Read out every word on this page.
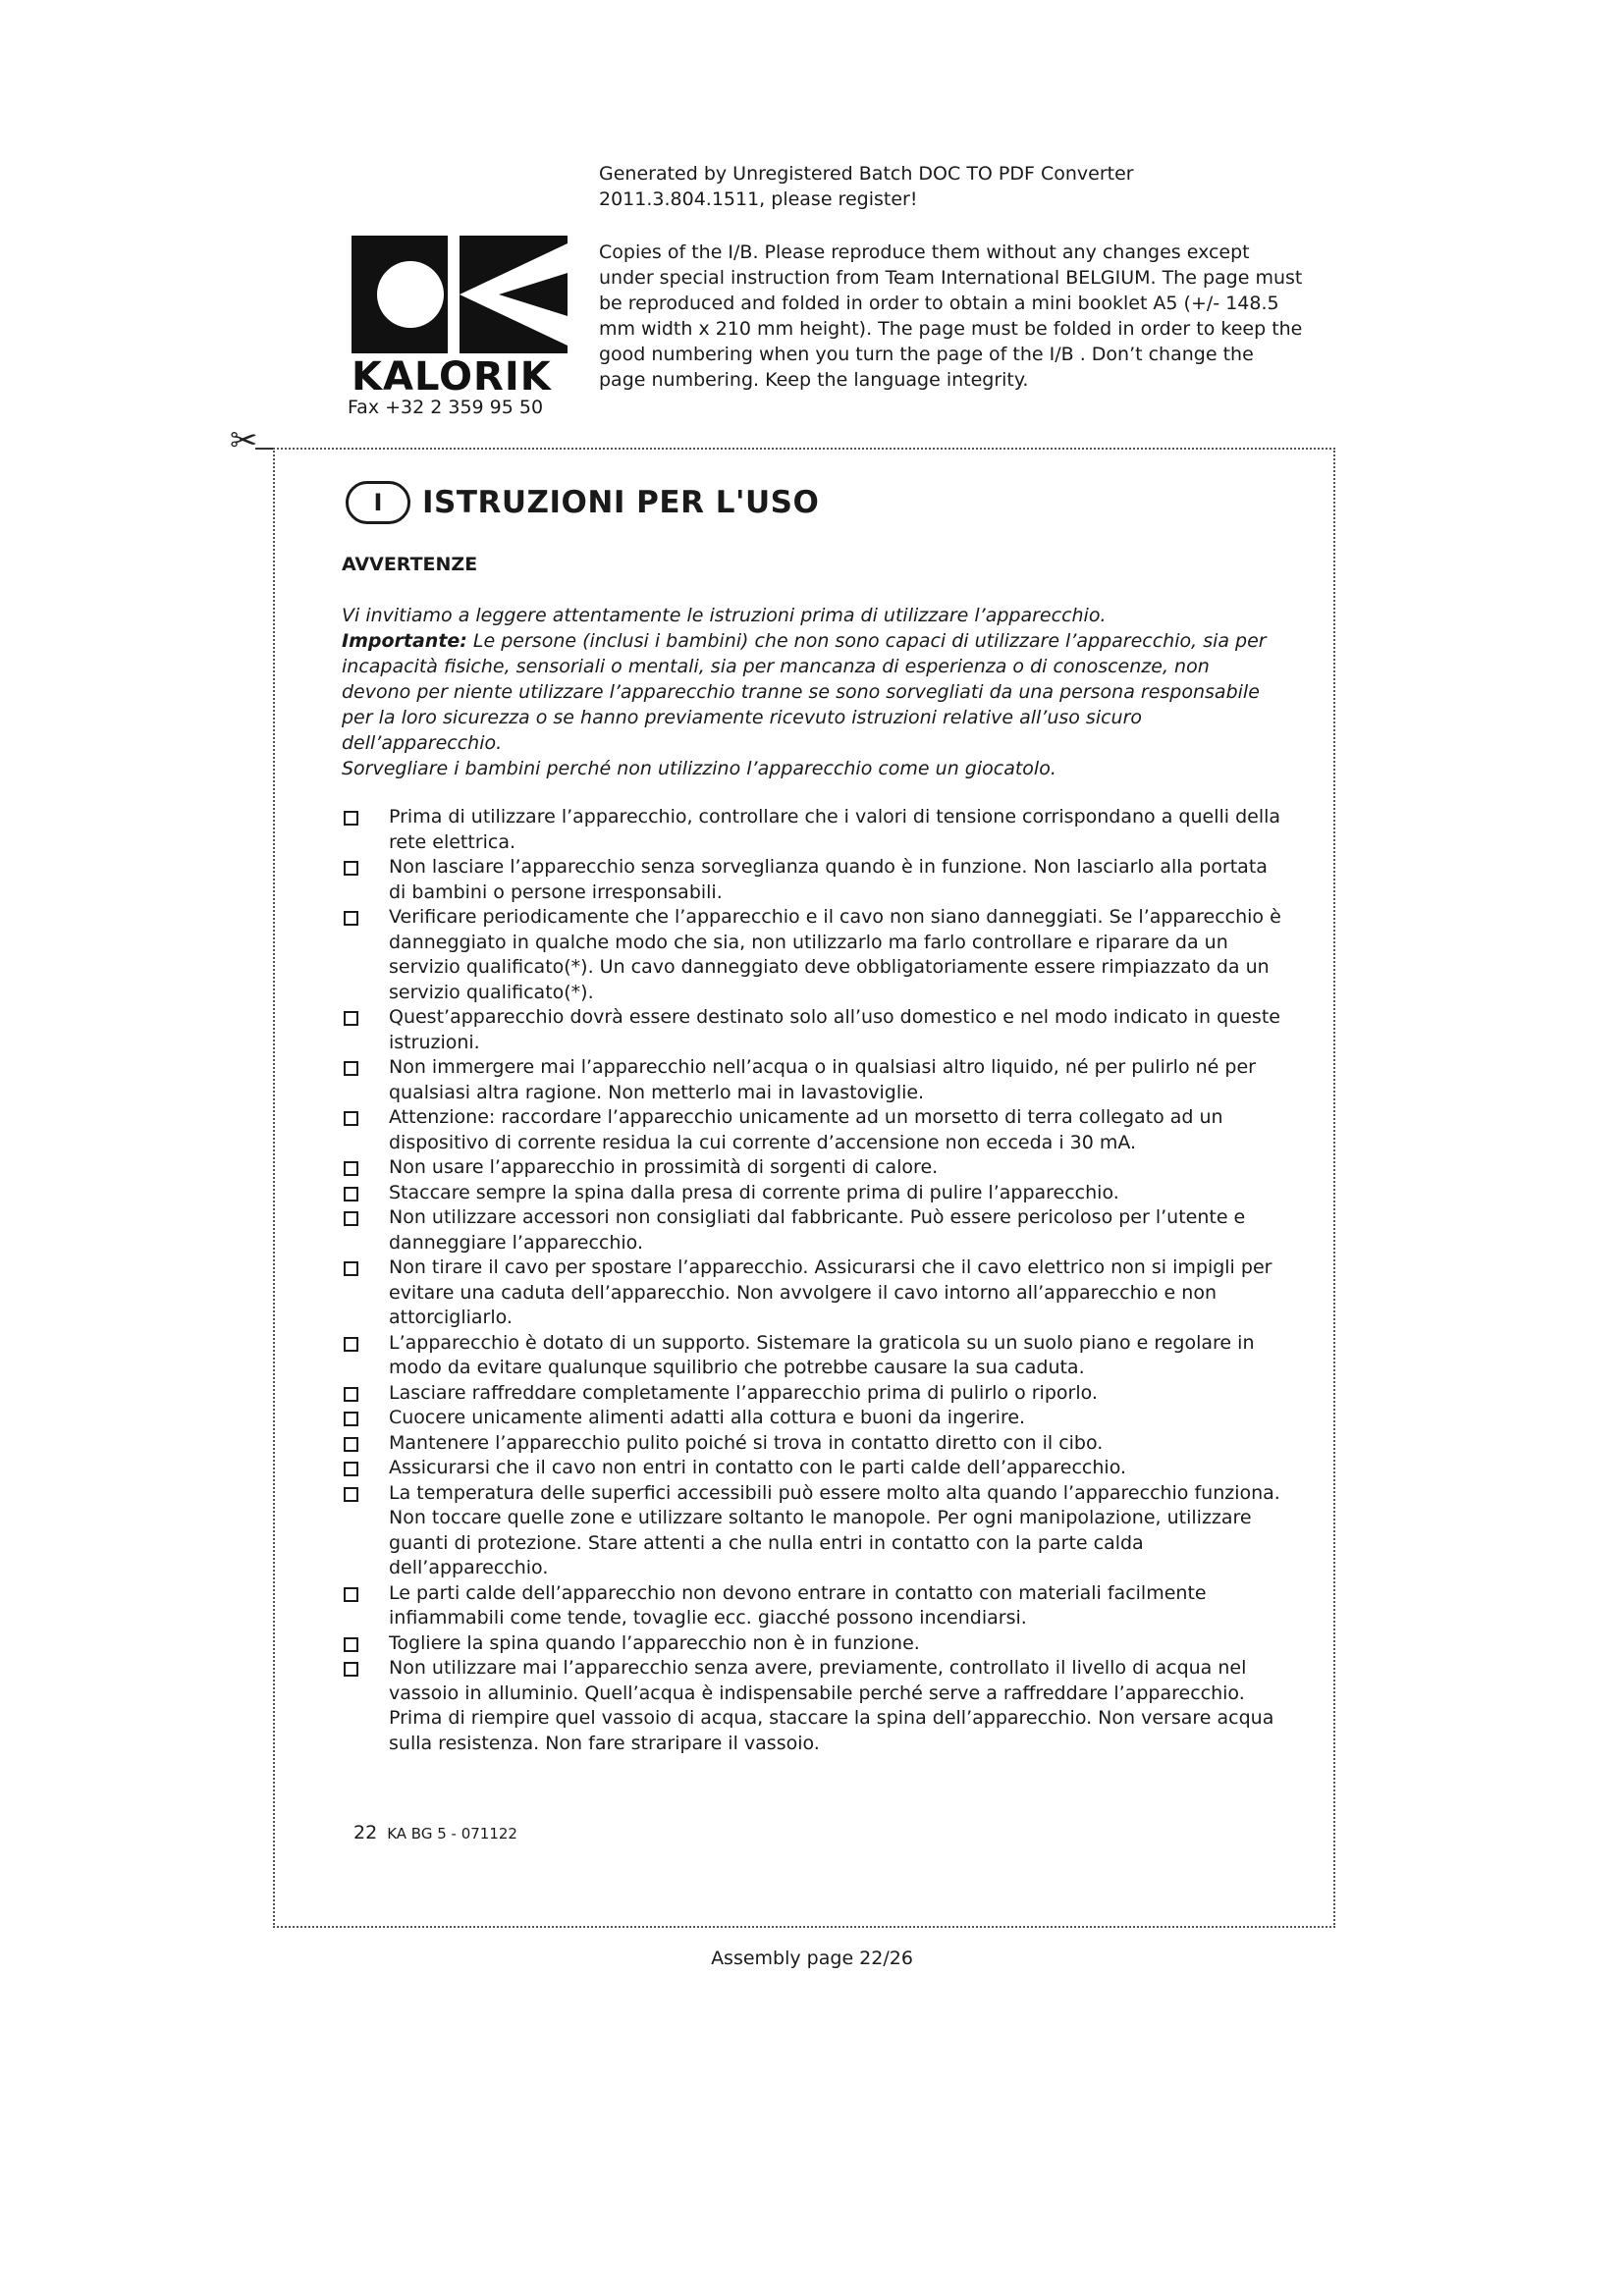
Generated by Unregistered Batch DOC TO PDF Converter
2011.3.804.1511, please register!
KALORIK
Fax +32 2 359 95 50
Copies of the I/B. Please reproduce them without any changes except under special instruction from Team International BELGIUM. The page must be reproduced and folded in order to obtain a mini booklet A5 (+/- 148.5 mm width x 210 mm height). The page must be folded in order to keep the good numbering when you turn the page of the I/B . Don’t change the page numbering. Keep the language integrity.
✂
I	ISTRUZIONI PER L'USO
AVVERTENZE

Vi invitiamo a leggere attentamente le istruzioni prima di utilizzare l’apparecchio.

Importante: Le persone (inclusi i bambini) che non sono capaci di utilizzare l’apparecchio, sia per incapacità fisiche, sensoriali o mentali, sia per mancanza di esperienza o di conoscenze, non devono per niente utilizzare l’apparecchio tranne se sono sorvegliati da una persona responsabile per la loro sicurezza o se hanno previamente ricevuto istruzioni relative all’uso sicuro dell’apparecchio.

Sorvegliare i bambini perché non utilizzino l’apparecchio come un giocatolo.

Prima di utilizzare l’apparecchio, controllare che i valori di tensione corrispondano a quelli della rete elettrica.
Non lasciare l’apparecchio senza sorveglianza quando è in funzione. Non lasciarlo alla portata di bambini o persone irresponsabili.
Verificare periodicamente che l’apparecchio e il cavo non siano danneggiati. Se l’apparecchio è danneggiato in qualche modo che sia, non utilizzarlo ma farlo controllare e riparare da un servizio qualificato(*). Un cavo danneggiato deve obbligatoriamente essere rimpiazzato da un servizio qualificato(*).
Quest’apparecchio dovrà essere destinato solo all’uso domestico e nel modo indicato in queste istruzioni.
Non immergere mai l’apparecchio nell’acqua o in qualsiasi altro liquido, né per pulirlo né per qualsiasi altra ragione. Non metterlo mai in lavastoviglie.
Attenzione: raccordare l’apparecchio unicamente ad un morsetto di terra collegato ad un dispositivo di corrente residua la cui corrente d’accensione non ecceda i 30 mA.
Non usare l’apparecchio in prossimità di sorgenti di calore.
Staccare sempre la spina dalla presa di corrente prima di pulire l’apparecchio.
Non utilizzare accessori non consigliati dal fabbricante. Può essere pericoloso per l’utente e danneggiare l’apparecchio.
Non tirare il cavo per spostare l’apparecchio. Assicurarsi che il cavo elettrico non si impigli per evitare una caduta dell’apparecchio. Non avvolgere il cavo intorno all’apparecchio e non attorcigliarlo.
L’apparecchio è dotato di un supporto. Sistemare la graticola su un suolo piano e regolare in modo da evitare qualunque squilibrio che potrebbe causare la sua caduta.
Lasciare raffreddare completamente l’apparecchio prima di pulirlo o riporlo.
Cuocere unicamente alimenti adatti alla cottura e buoni da ingerire.
Mantenere l’apparecchio pulito poiché si trova in contatto diretto con il cibo.
Assicurarsi che il cavo non entri in contatto con le parti calde dell’apparecchio.
La temperatura delle superfici accessibili può essere molto alta quando l’apparecchio funziona. Non toccare quelle zone e utilizzare soltanto le manopole. Per ogni manipolazione, utilizzare guanti di protezione. Stare attenti a che nulla entri in contatto con la parte calda dell’apparecchio.
Le parti calde dell’apparecchio non devono entrare in contatto con materiali facilmente infiammabili come tende, tovaglie ecc. giacché possono incendiarsi.
Togliere la spina quando l’apparecchio non è in funzione.
Non utilizzare mai l’apparecchio senza avere, previamente, controllato il livello di acqua nel vassoio in alluminio. Quell’acqua è indispensabile perché serve a raffreddare l’apparecchio. Prima di riempire quel vassoio di acqua, staccare la spina dell’apparecchio. Non versare acqua sulla resistenza. Non fare straripare il vassoio.
22 KA BG 5 - 071122
Assembly page 22/26
